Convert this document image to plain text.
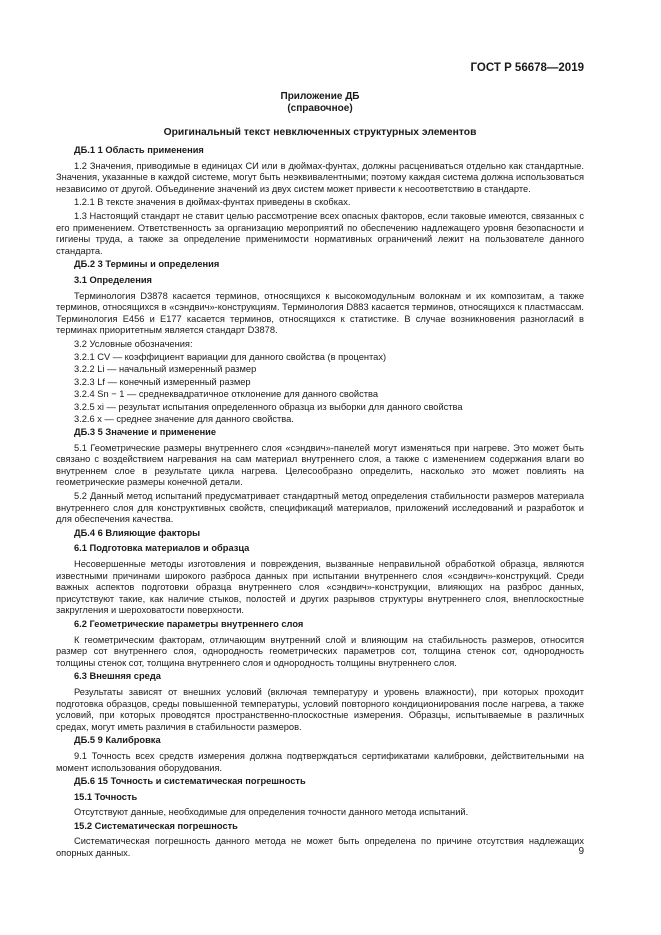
ГОСТ Р 56678—2019
Приложение ДБ
(справочное)
Оригинальный текст невключенных структурных элементов
ДБ.1 1 Область применения
1.2 Значения, приводимые в единицах СИ или в дюймах-фунтах, должны расцениваться отдельно как стандартные. Значения, указанные в каждой системе, могут быть неэквивалентными; поэтому каждая система должна использоваться независимо от другой. Объединение значений из двух систем может привести к несоответствию в стандарте.
1.2.1 В тексте значения в дюймах-фунтах приведены в скобках.
1.3 Настоящий стандарт не ставит целью рассмотрение всех опасных факторов, если таковые имеются, связанных с его применением. Ответственность за организацию мероприятий по обеспечению надлежащего уровня безопасности и гигиены труда, а также за определение применимости нормативных ограничений лежит на пользователе данного стандарта.
ДБ.2 3 Термины и определения
3.1 Определения
Терминология D3878 касается терминов, относящихся к высокомодульным волокнам и их композитам, а также терминов, относящихся в «сэндвич»-конструкциям. Терминология D883 касается терминов, относящихся к пластмассам. Терминология E456 и E177 касается терминов, относящихся к статистике. В случае возникновения разногласий в терминах приоритетным является стандарт D3878.
3.2 Условные обозначения:
3.2.1 CV — коэффициент вариации для данного свойства (в процентах)
3.2.2 Li — начальный измеренный размер
3.2.3 Lf — конечный измеренный размер
3.2.4 Sn − 1 — среднеквадратичное отклонение для данного свойства
3.2.5 xi — результат испытания определенного образца из выборки для данного свойства
3.2.6 x — среднее значение для данного свойства.
ДБ.3 5 Значение и применение
5.1 Геометрические размеры внутреннего слоя «сэндвич»-панелей могут изменяться при нагреве. Это может быть связано с воздействием нагревания на сам материал внутреннего слоя, а также с изменением содержания влаги во внутреннем слое в результате цикла нагрева. Целесообразно определить, насколько это может повлиять на геометрические размеры конечной детали.
5.2 Данный метод испытаний предусматривает стандартный метод определения стабильности размеров материала внутреннего слоя для конструктивных свойств, спецификаций материалов, приложений исследований и разработок и для обеспечения качества.
ДБ.4 6 Влияющие факторы
6.1 Подготовка материалов и образца
Несовершенные методы изготовления и повреждения, вызванные неправильной обработкой образца, являются известными причинами широкого разброса данных при испытании внутреннего слоя «сэндвич»-конструкций. Среди важных аспектов подготовки образца внутреннего слоя «сэндвич»-конструкции, влияющих на разброс данных, присутствуют такие, как наличие стыков, полостей и других разрывов структуры внутреннего слоя, внеплоскостные закругления и шероховатости поверхности.
6.2 Геометрические параметры внутреннего слоя
К геометрическим факторам, отличающим внутренний слой и влияющим на стабильность размеров, относится размер сот внутреннего слоя, однородность геометрических параметров сот, толщина стенок сот, однородность толщины стенок сот, толщина внутреннего слоя и однородность толщины внутреннего слоя.
6.3 Внешняя среда
Результаты зависят от внешних условий (включая температуру и уровень влажности), при которых проходит подготовка образцов, среды повышенной температуры, условий повторного кондиционирования после нагрева, а также условий, при которых проводятся пространственно-плоскостные измерения. Образцы, испытываемые в различных средах, могут иметь различия в стабильности размеров.
ДБ.5 9 Калибровка
9.1 Точность всех средств измерения должна подтверждаться сертификатами калибровки, действительными на момент использования оборудования.
ДБ.6 15 Точность и систематическая погрешность
15.1 Точность
Отсутствуют данные, необходимые для определения точности данного метода испытаний.
15.2 Систематическая погрешность
Систематическая погрешность данного метода не может быть определена по причине отсутствия надлежащих опорных данных.	9
